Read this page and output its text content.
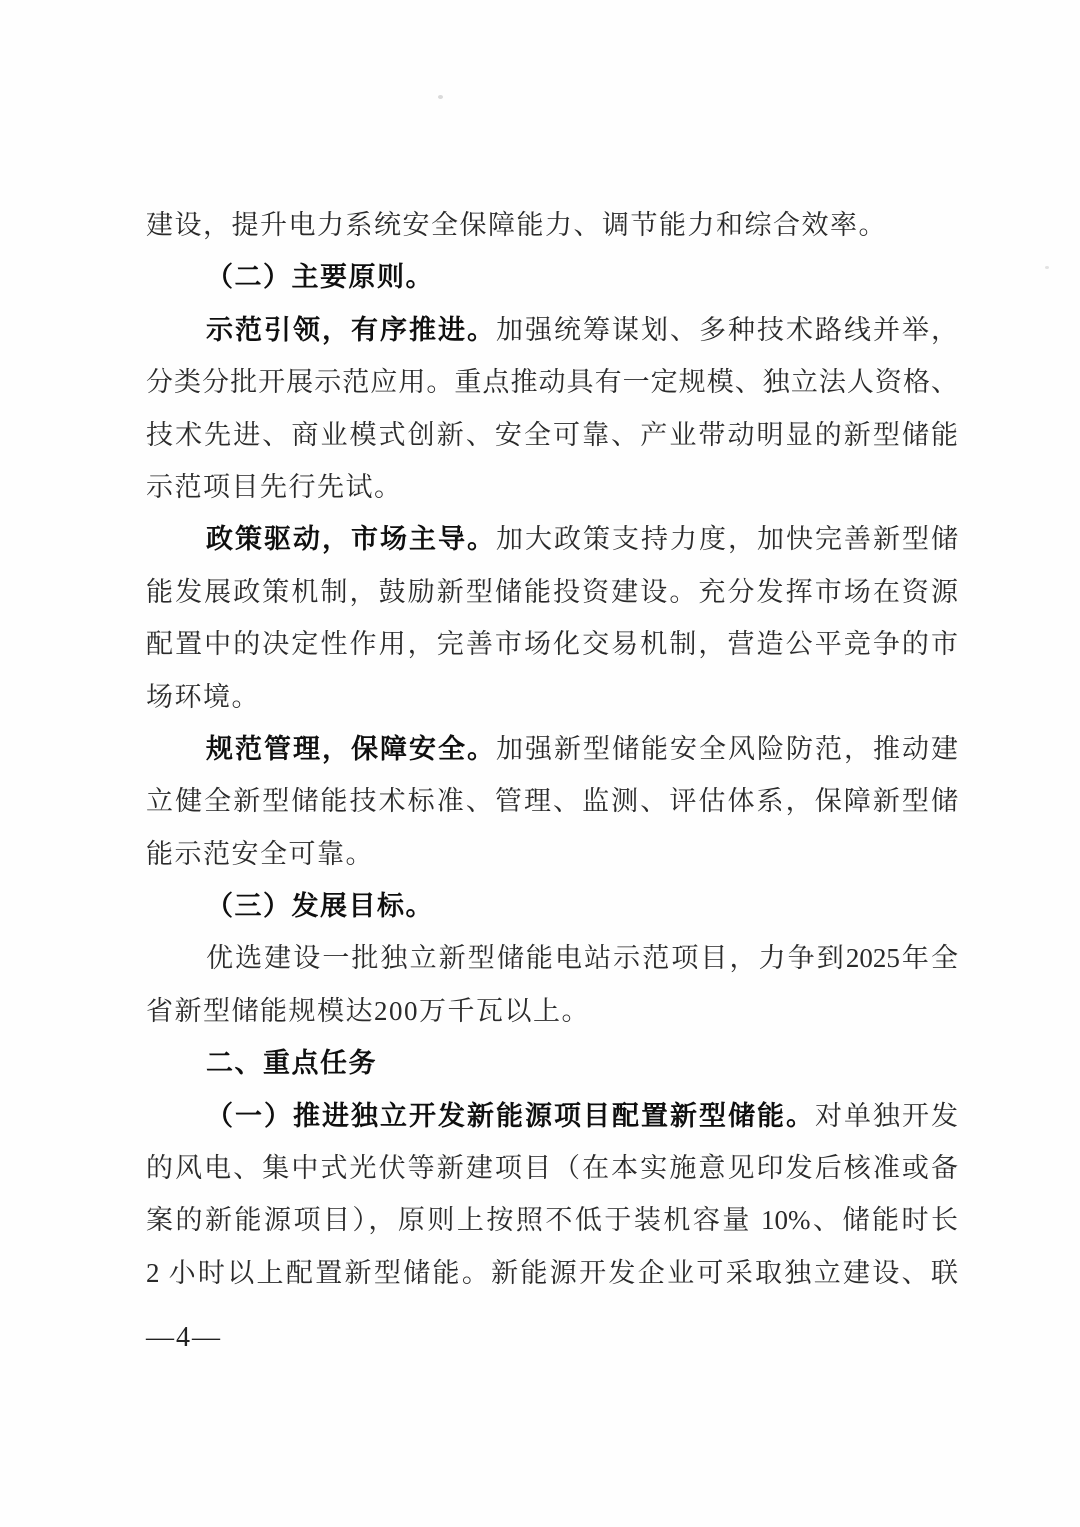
建设，提升电力系统安全保障能力、调节能力和综合效率。
（二）主要原则。
示范引领，有序推进。加强统筹谋划、多种技术路线并举，
分类分批开展示范应用。重点推动具有一定规模、独立法人资格、
技术先进、商业模式创新、安全可靠、产业带动明显的新型储能
示范项目先行先试。
政策驱动，市场主导。加大政策支持力度，加快完善新型储
能发展政策机制，鼓励新型储能投资建设。充分发挥市场在资源
配置中的决定性作用，完善市场化交易机制，营造公平竞争的市
场环境。
规范管理，保障安全。加强新型储能安全风险防范，推动建
立健全新型储能技术标准、管理、监测、评估体系，保障新型储
能示范安全可靠。
（三）发展目标。
优选建设一批独立新型储能电站示范项目，力争到2025年全
省新型储能规模达200万千瓦以上。
二、重点任务
（一）推进独立开发新能源项目配置新型储能。对单独开发
的风电、集中式光伏等新建项目（在本实施意见印发后核准或备
案的新能源项目），原则上按照不低于装机容量 10%、储能时长
2 小时以上配置新型储能。新能源开发企业可采取独立建设、联
—4—
